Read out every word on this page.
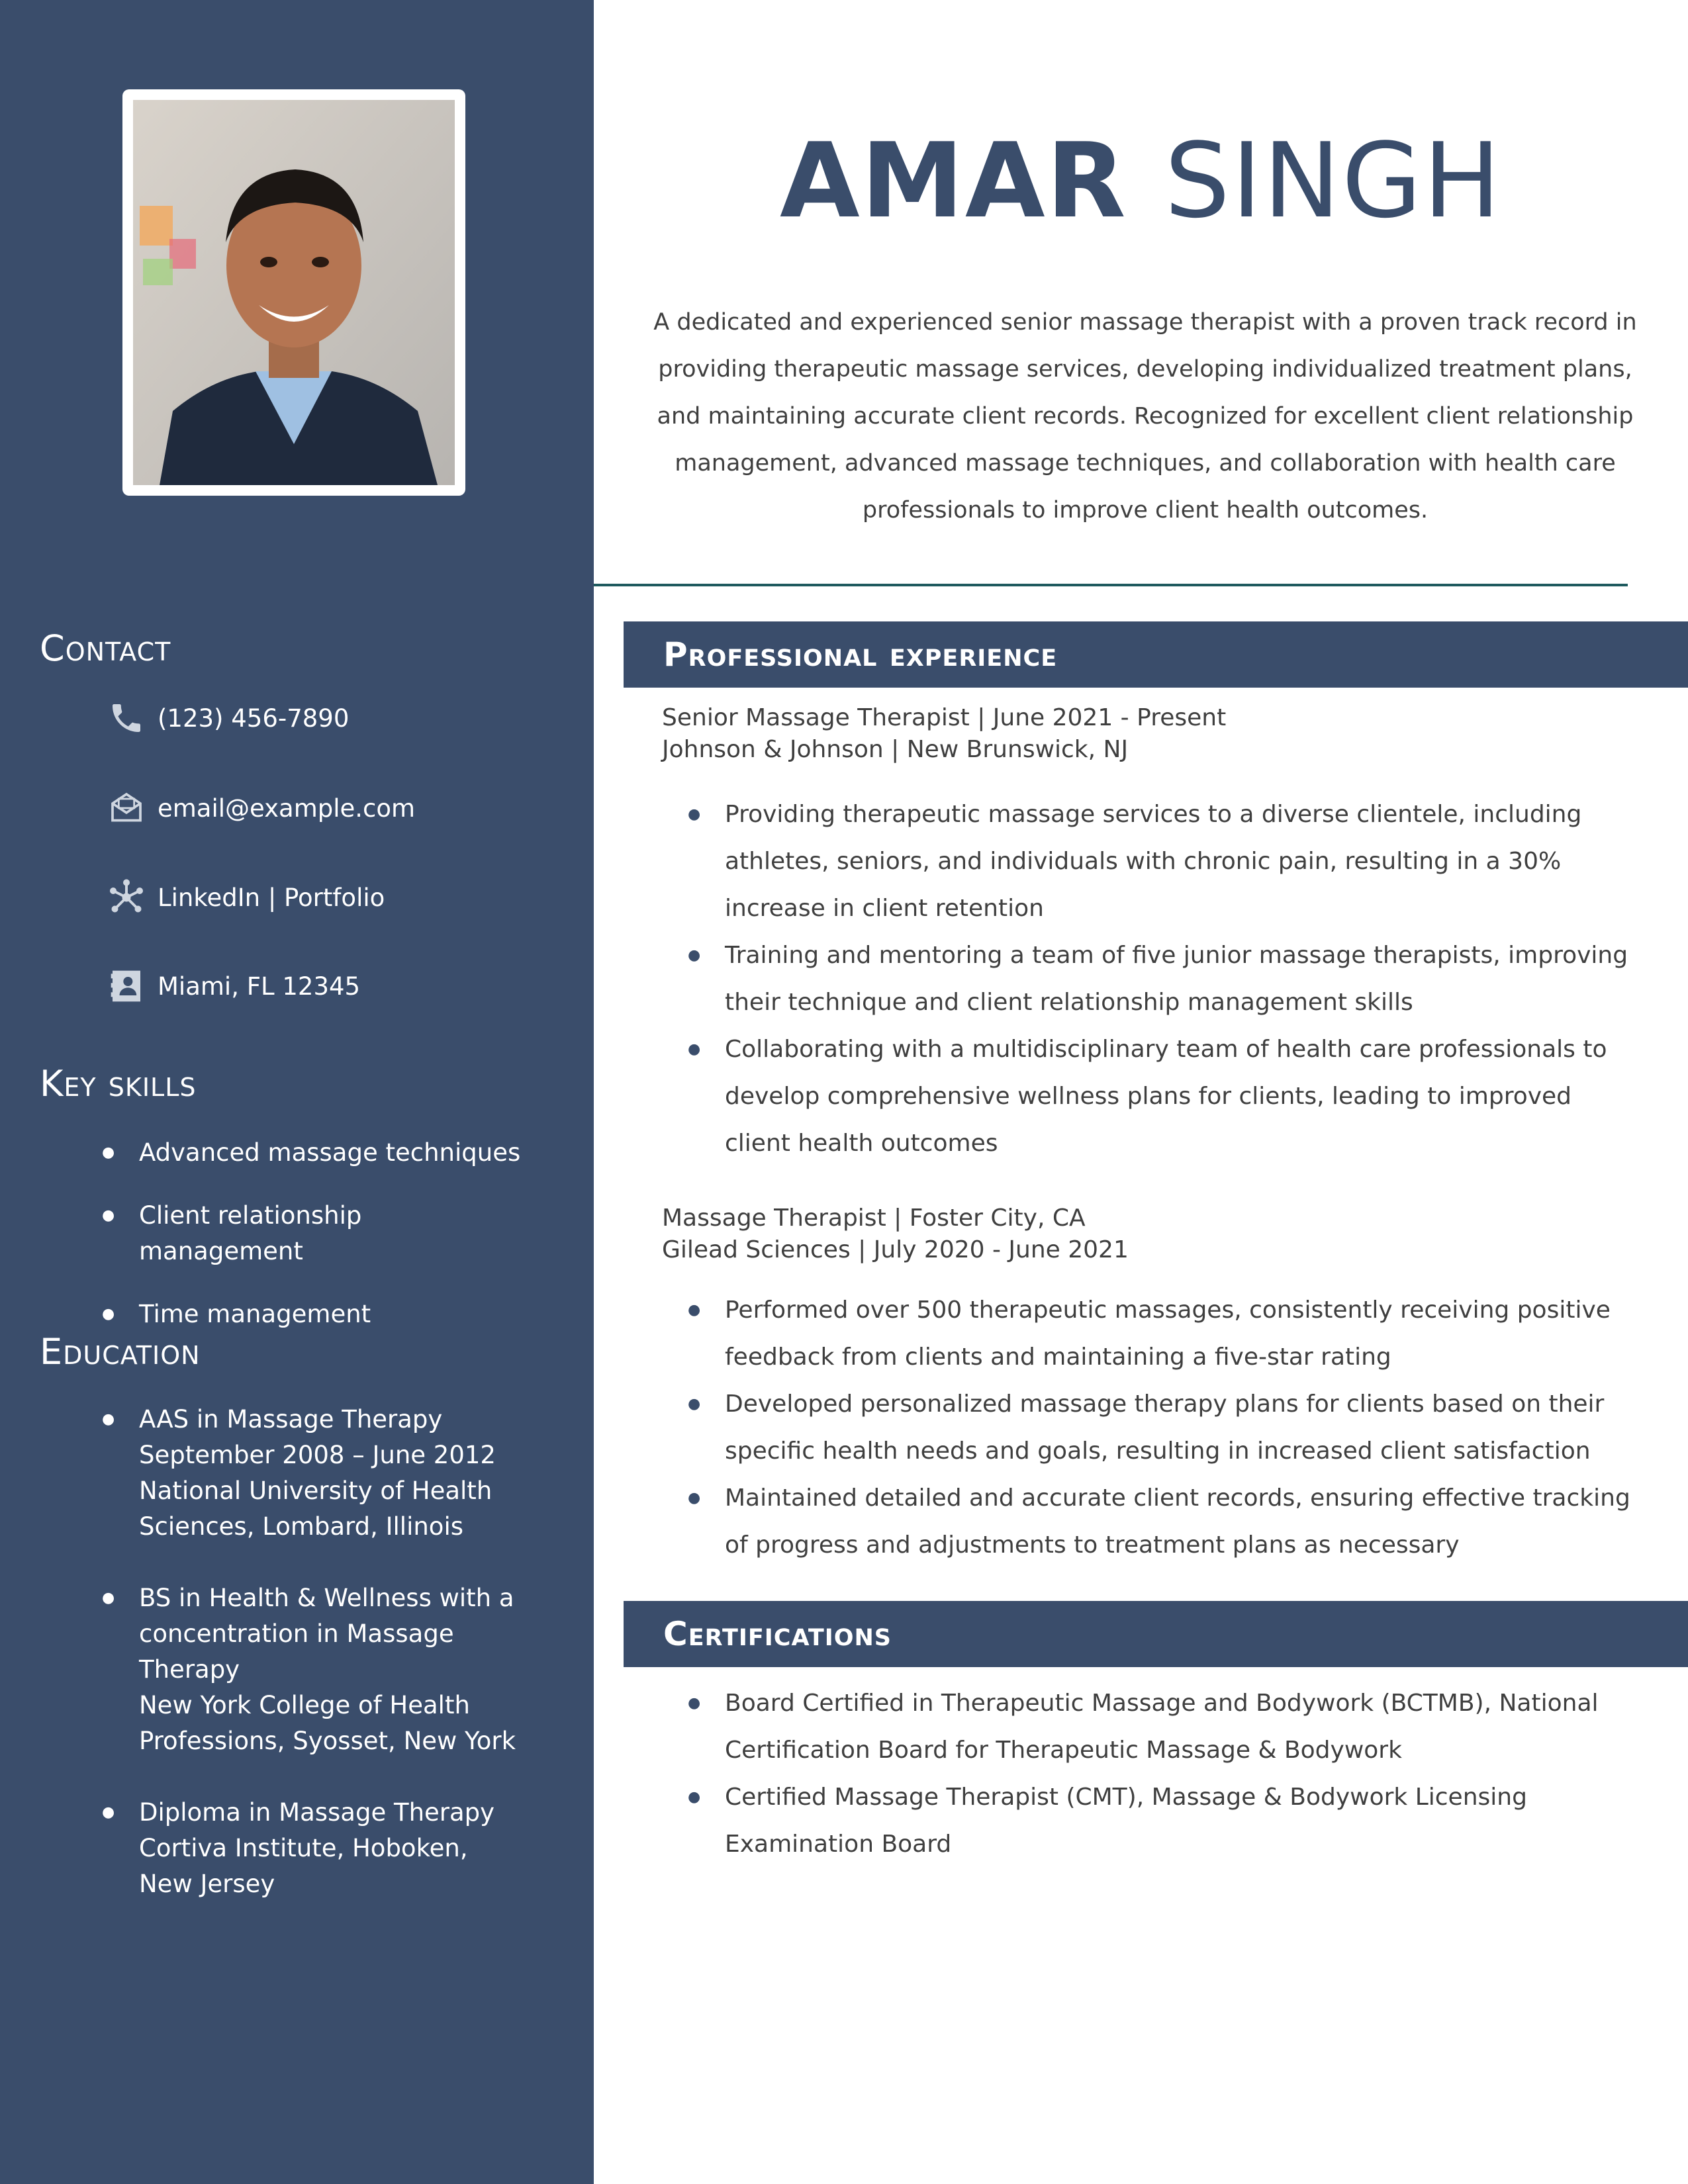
Contact
(123) 456-7890
email@example.com
LinkedIn | Portfolio
Miami, FL 12345
Key skills
● Advanced massage techniques
● Client relationship management
● Time management
Education
● AAS in Massage Therapy
September 2008 – June 2012
National University of Health Sciences, Lombard, Illinois
● BS in Health & Wellness with a concentration in Massage Therapy
New York College of Health Professions, Syosset, New York
● Diploma in Massage Therapy
Cortiva Institute, Hoboken, New Jersey
AMAR SINGH

A dedicated and experienced senior massage therapist with a proven track record in providing therapeutic massage services, developing individualized treatment plans, and maintaining accurate client records. Recognized for excellent client relationship management, advanced massage techniques, and collaboration with health care professionals to improve client health outcomes.

Professional experience
Senior Massage Therapist | June 2021 - Present
Johnson & Johnson | New Brunswick, NJ
● Providing therapeutic massage services to a diverse clientele, including athletes, seniors, and individuals with chronic pain, resulting in a 30% increase in client retention
● Training and mentoring a team of five junior massage therapists, improving their technique and client relationship management skills
● Collaborating with a multidisciplinary team of health care professionals to develop comprehensive wellness plans for clients, leading to improved client health outcomes
Massage Therapist | Foster City, CA
Gilead Sciences | July 2020 - June 2021
● Performed over 500 therapeutic massages, consistently receiving positive feedback from clients and maintaining a five-star rating
● Developed personalized massage therapy plans for clients based on their specific health needs and goals, resulting in increased client satisfaction
● Maintained detailed and accurate client records, ensuring effective tracking of progress and adjustments to treatment plans as necessary
Certifications
● Board Certified in Therapeutic Massage and Bodywork (BCTMB), National Certification Board for Therapeutic Massage & Bodywork
● Certified Massage Therapist (CMT), Massage & Bodywork Licensing Examination Board
